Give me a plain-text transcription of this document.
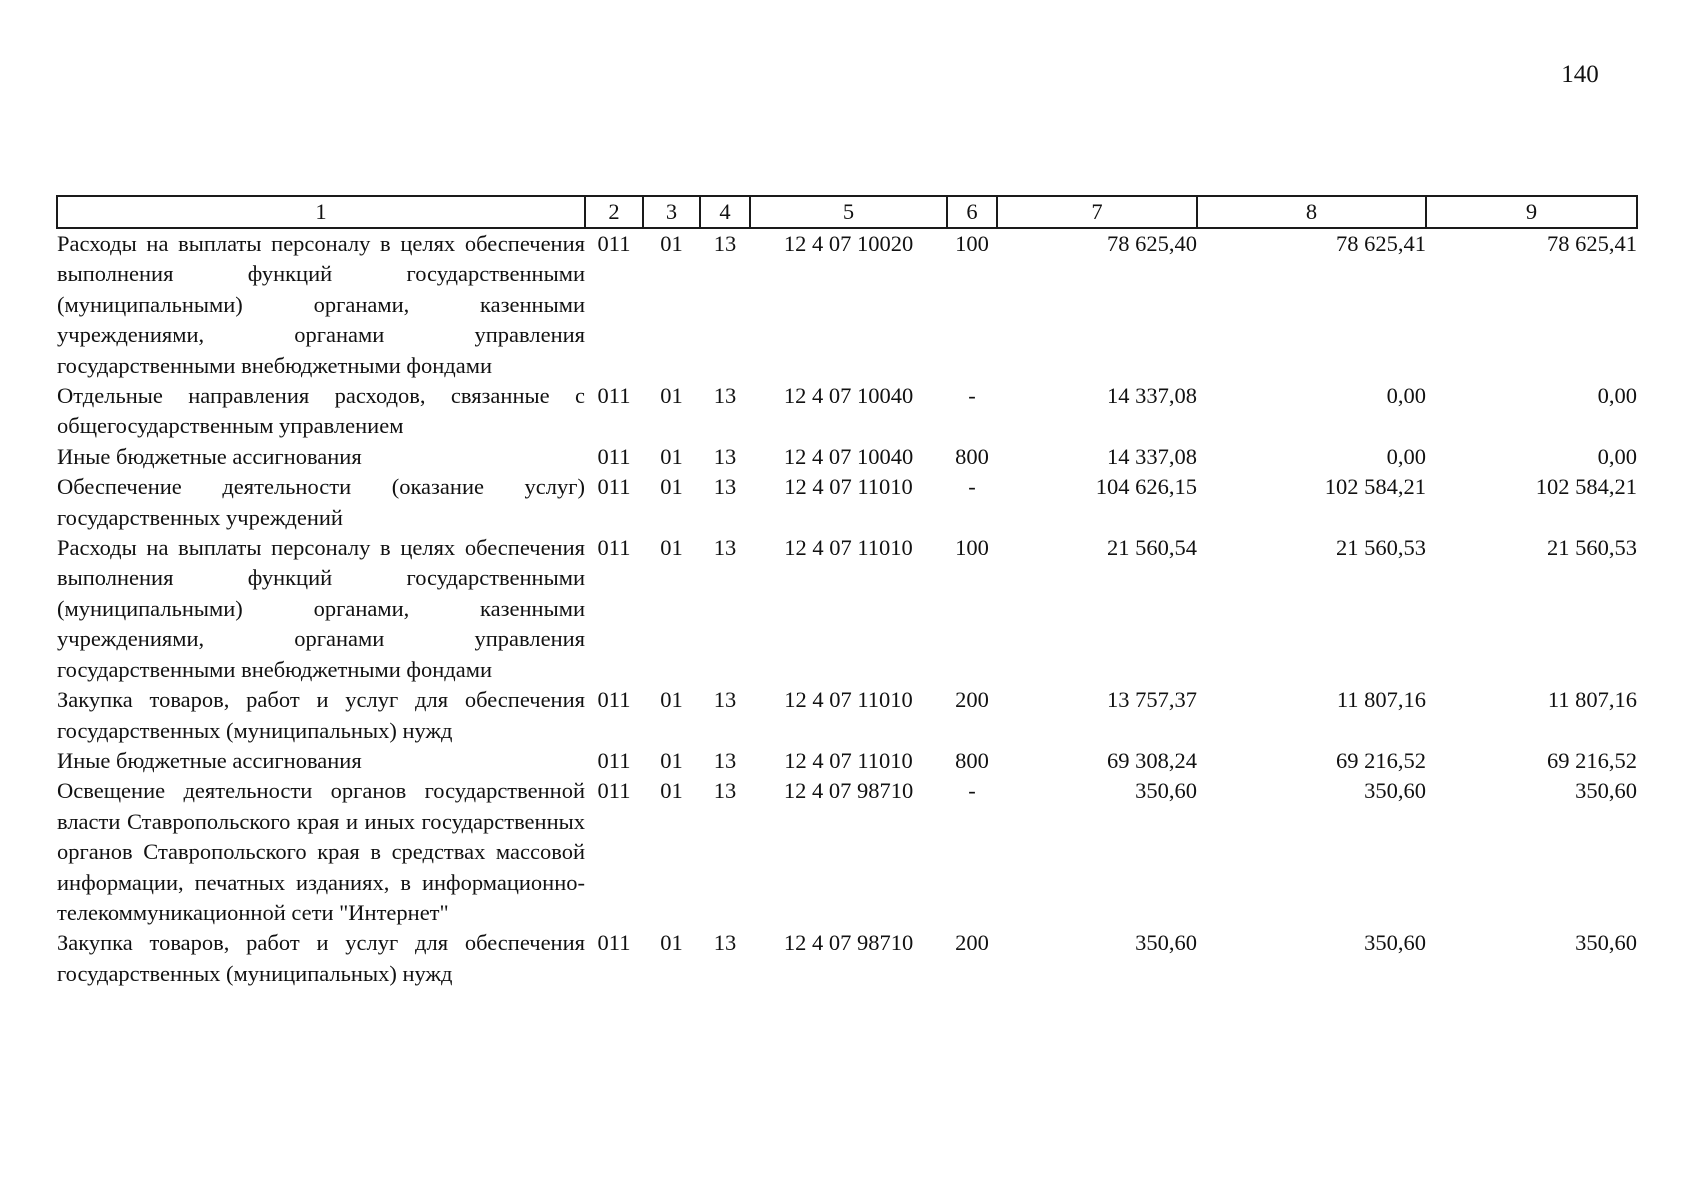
140
1	2	3	4	5	6	7	8	9
Расходы на выплаты персоналу в целях обеспечения выполнения функций государственными (муниципальными) органами, казенными учреждениями, органами управления государственными внебюджетными фондами	011	01	13	12 4 07 10020	100	78 625,40	78 625,41	78 625,41
Отдельные направления расходов, связанные с общегосударственным управлением	011	01	13	12 4 07 10040	-	14 337,08	0,00	0,00
Иные бюджетные ассигнования	011	01	13	12 4 07 10040	800	14 337,08	0,00	0,00
Обеспечение деятельности (оказание услуг) государственных учреждений	011	01	13	12 4 07 11010	-	104 626,15	102 584,21	102 584,21
Расходы на выплаты персоналу в целях обеспечения выполнения функций государственными (муниципальными) органами, казенными учреждениями, органами управления государственными внебюджетными фондами	011	01	13	12 4 07 11010	100	21 560,54	21 560,53	21 560,53
Закупка товаров, работ и услуг для обеспечения государственных (муниципальных) нужд	011	01	13	12 4 07 11010	200	13 757,37	11 807,16	11 807,16
Иные бюджетные ассигнования	011	01	13	12 4 07 11010	800	69 308,24	69 216,52	69 216,52
Освещение деятельности органов государственной власти Ставропольского края и иных государственных органов Ставропольского края в средствах массовой информации, печатных изданиях, в информационно-телекоммуникационной сети "Интернет"	011	01	13	12 4 07 98710	-	350,60	350,60	350,60
Закупка товаров, работ и услуг для обеспечения государственных (муниципальных) нужд	011	01	13	12 4 07 98710	200	350,60	350,60	350,60
